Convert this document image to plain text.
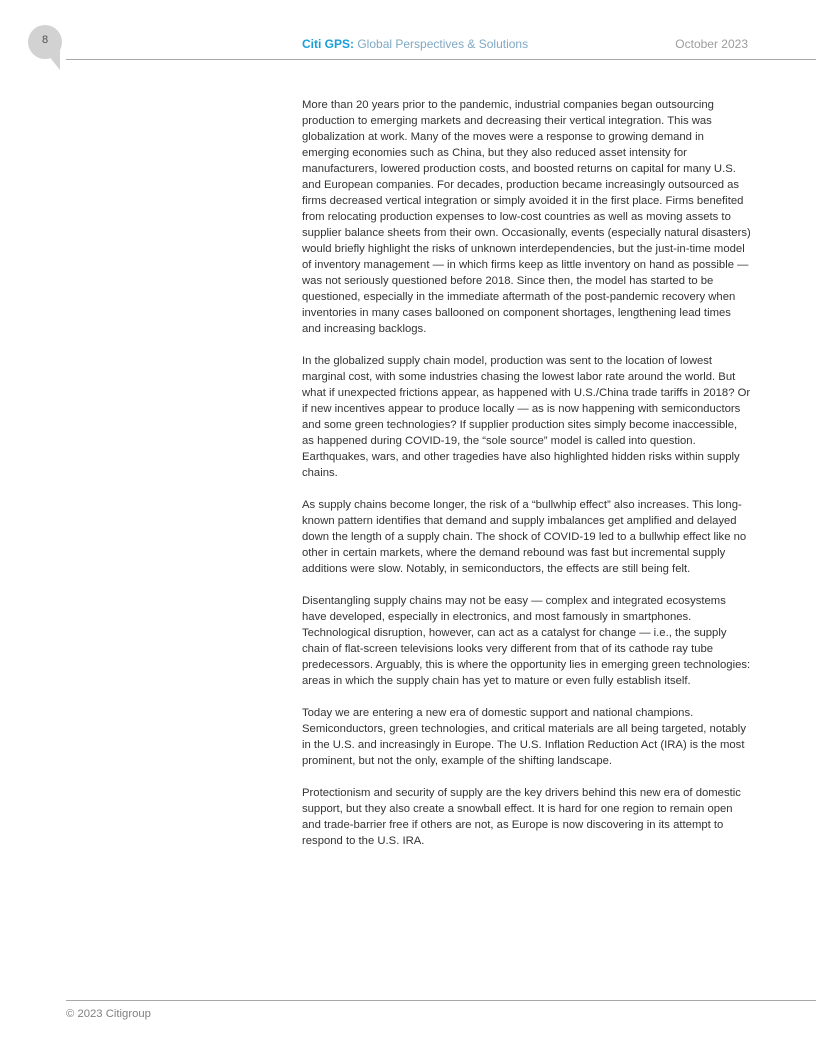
8	Citi GPS: Global Perspectives & Solutions	October 2023

More than 20 years prior to the pandemic, industrial companies began outsourcing production to emerging markets and decreasing their vertical integration. This was globalization at work. Many of the moves were a response to growing demand in emerging economies such as China, but they also reduced asset intensity for manufacturers, lowered production costs, and boosted returns on capital for many U.S. and European companies. For decades, production became increasingly outsourced as firms decreased vertical integration or simply avoided it in the first place. Firms benefited from relocating production expenses to low-cost countries as well as moving assets to supplier balance sheets from their own. Occasionally, events (especially natural disasters) would briefly highlight the risks of unknown interdependencies, but the just-in-time model of inventory management — in which firms keep as little inventory on hand as possible — was not seriously questioned before 2018. Since then, the model has started to be questioned, especially in the immediate aftermath of the post-pandemic recovery when inventories in many cases ballooned on component shortages, lengthening lead times and increasing backlogs.

In the globalized supply chain model, production was sent to the location of lowest marginal cost, with some industries chasing the lowest labor rate around the world. But what if unexpected frictions appear, as happened with U.S./China trade tariffs in 2018? Or if new incentives appear to produce locally — as is now happening with semiconductors and some green technologies? If supplier production sites simply become inaccessible, as happened during COVID-19, the “sole source” model is called into question. Earthquakes, wars, and other tragedies have also highlighted hidden risks within supply chains.

As supply chains become longer, the risk of a “bullwhip effect” also increases. This long-known pattern identifies that demand and supply imbalances get amplified and delayed down the length of a supply chain. The shock of COVID-19 led to a bullwhip effect like no other in certain markets, where the demand rebound was fast but incremental supply additions were slow. Notably, in semiconductors, the effects are still being felt.

Disentangling supply chains may not be easy — complex and integrated ecosystems have developed, especially in electronics, and most famously in smartphones. Technological disruption, however, can act as a catalyst for change — i.e., the supply chain of flat-screen televisions looks very different from that of its cathode ray tube predecessors. Arguably, this is where the opportunity lies in emerging green technologies: areas in which the supply chain has yet to mature or even fully establish itself.

Today we are entering a new era of domestic support and national champions. Semiconductors, green technologies, and critical materials are all being targeted, notably in the U.S. and increasingly in Europe. The U.S. Inflation Reduction Act (IRA) is the most prominent, but not the only, example of the shifting landscape.

Protectionism and security of supply are the key drivers behind this new era of domestic support, but they also create a snowball effect. It is hard for one region to remain open and trade-barrier free if others are not, as Europe is now discovering in its attempt to respond to the U.S. IRA.

© 2023 Citigroup
